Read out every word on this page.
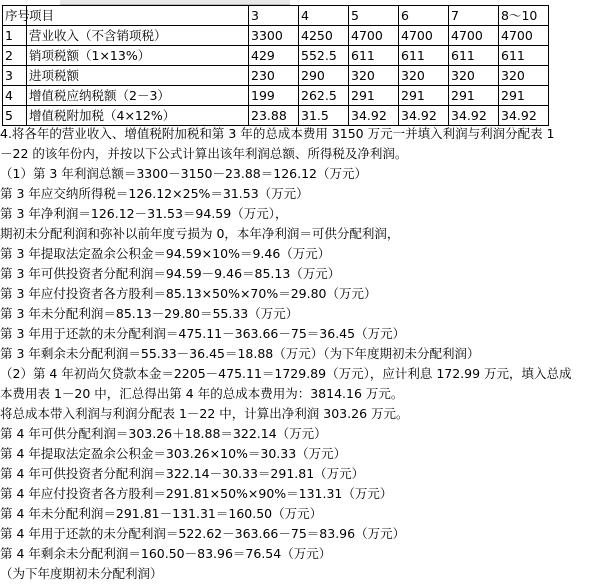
序号	项目	3	4	5	6	7	8～10
1	营业收入（不含销项税）	3300	4250	4700	4700	4700	4700
2	销项税额（1×13%）	429	552.5	611	611	611	611
3	进项税额	230	290	320	320	320	320
4	增值税应纳税额（2－3）	199	262.5	291	291	291	291
5	增值税附加税（4×12%）	23.88	31.5	34.92	34.92	34.92	34.92
4.将各年的营业收入、增值税附加税和第 3 年的总成本费用 3150 万元一并填入利润与利润分配表 1
－22 的该年份内，并按以下公式计算出该年利润总额、所得税及净利润。
（1）第 3 年利润总额＝3300－3150－23.88＝126.12（万元）
第 3 年应交纳所得税＝126.12×25%＝31.53（万元）
第 3 年净利润＝126.12－31.53＝94.59（万元），
期初未分配利润和弥补以前年度亏损为 0，本年净利润＝可供分配利润，
第 3 年提取法定盈余公积金＝94.59×10%＝9.46（万元）
第 3 年可供投资者分配利润＝94.59－9.46＝85.13（万元）
第 3 年应付投资者各方股利＝85.13×50%×70%＝29.80（万元）
第 3 年未分配利润＝85.13－29.80＝55.33（万元）
第 3 年用于还款的未分配利润＝475.11－363.66－75＝36.45（万元）
第 3 年剩余未分配利润＝55.33－36.45＝18.88（万元）（为下年度期初未分配利润）
（2）第 4 年初尚欠贷款本金＝2205－475.11＝1729.89（万元），应计利息 172.99 万元，填入总成
本费用表 1－20 中，汇总得出第 4 年的总成本费用为：3814.16 万元。
将总成本带入利润与利润分配表 1－22 中，计算出净利润 303.26 万元。
第 4 年可供分配利润＝303.26＋18.88＝322.14（万元）
第 4 年提取法定盈余公积金＝303.26×10%＝30.33（万元）
第 4 年可供投资者分配利润＝322.14－30.33＝291.81（万元）
第 4 年应付投资者各方股利＝291.81×50%×90%＝131.31（万元）
第 4 年未分配利润＝291.81－131.31＝160.50（万元）
第 4 年用于还款的未分配利润＝522.62－363.66－75＝83.96（万元）
第 4 年剩余未分配利润＝160.50－83.96＝76.54（万元）
（为下年度期初未分配利润）
